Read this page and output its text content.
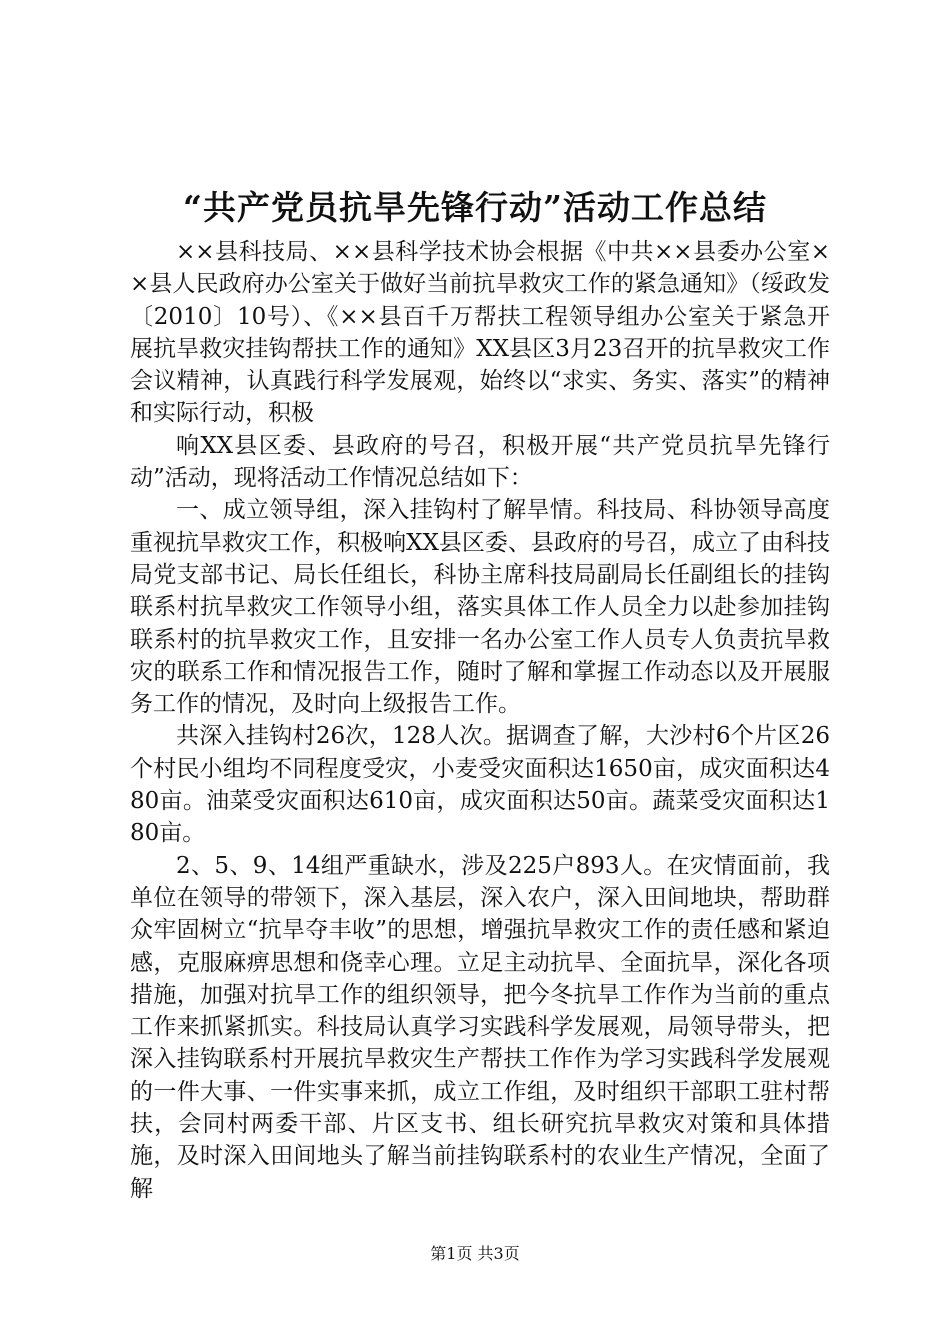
“共产党员抗旱先锋行动”活动工作总结

××县科技局、××县科学技术协会根据《中共××县委办公室××县人民政府办公室关于做好当前抗旱救灾工作的紧急通知》（绥政发〔2010〕10号）、《××县百千万帮扶工程领导组办公室关于紧急开展抗旱救灾挂钩帮扶工作的通知》XX县区3月23召开的抗旱救灾工作会议精神，认真践行科学发展观，始终以“求实、务实、落实”的精神和实际行动，积极

响XX县区委、县政府的号召，积极开展“共产党员抗旱先锋行动”活动，现将活动工作情况总结如下：

一、成立领导组，深入挂钩村了解旱情。科技局、科协领导高度重视抗旱救灾工作，积极响XX县区委、县政府的号召，成立了由科技局党支部书记、局长任组长，科协主席科技局副局长任副组长的挂钩联系村抗旱救灾工作领导小组，落实具体工作人员全力以赴参加挂钩联系村的抗旱救灾工作，且安排一名办公室工作人员专人负责抗旱救灾的联系工作和情况报告工作，随时了解和掌握工作动态以及开展服务工作的情况，及时向上级报告工作。

共深入挂钩村26次，128人次。据调查了解，大沙村6个片区26个村民小组均不同程度受灾，小麦受灾面积达1650亩，成灾面积达480亩。油菜受灾面积达610亩，成灾面积达50亩。蔬菜受灾面积达180亩。

2、5、9、14组严重缺水，涉及225户893人。在灾情面前，我单位在领导的带领下，深入基层，深入农户，深入田间地块，帮助群众牢固树立“抗旱夺丰收”的思想，增强抗旱救灾工作的责任感和紧迫感，克服麻痹思想和侥幸心理。立足主动抗旱、全面抗旱，深化各项措施，加强对抗旱工作的组织领导，把今冬抗旱工作作为当前的重点工作来抓紧抓实。科技局认真学习实践科学发展观，局领导带头，把深入挂钩联系村开展抗旱救灾生产帮扶工作作为学习实践科学发展观的一件大事、一件实事来抓，成立工作组，及时组织干部职工驻村帮扶，会同村两委干部、片区支书、组长研究抗旱救灾对策和具体措施，及时深入田间地头了解当前挂钩联系村的农业生产情况，全面了解

第1页 共3页
